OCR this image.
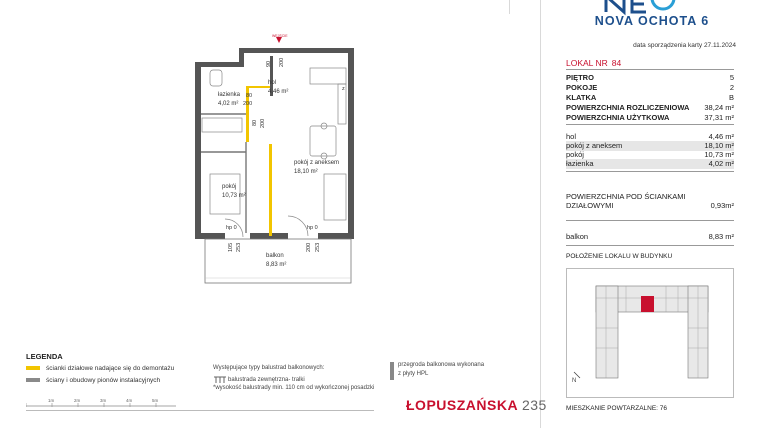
NOVA OCHOTA 6
data sporządzenia karty 27.11.2024
LOKAL NR 84
PIĘTRO	5
POKOJE	2
KLATKA	B
POWIERZCHNIA ROZLICZENIOWA 38,24 m²
POWIERZCHNIA UŻYTKOWA	37,31 m²
hol	4,46 m²
pokój z aneksem	18,10 m²
pokój	10,73 m²
łazienka	4,02 m²
POWIERZCHNIA POD ŚCIANKAMI
DZIAŁOWYMI	0,93m²
balkon	8,83 m²
POŁOŻENIE LOKALU W BUDYNKU
N
MIESZKANIE POWTARZALNE: 76
WEJŚCIE
90 200
hol
4,46 m²
łazienka
4,02 m²
80
200
80 200
pokój z aneksem
18,10 m²
pokój
10,73 m²
hp 0	hp 0
105 253	200 253
balkon
8,83 m²
z
LEGENDA
ścianki działowe nadające się do demontażu
ściany i obudowy pionów instalacyjnych
Występujące typy balustrad balkonowych:
balustrada zewnętrzna- tralki
*wysokość balustrady min. 110 cm od wykończonej posadzki
przegroda balkonowa wykonana
z płyty HPL
1m	2m	3m	4m	5m	ŁOPUSZAŃSKA 235
